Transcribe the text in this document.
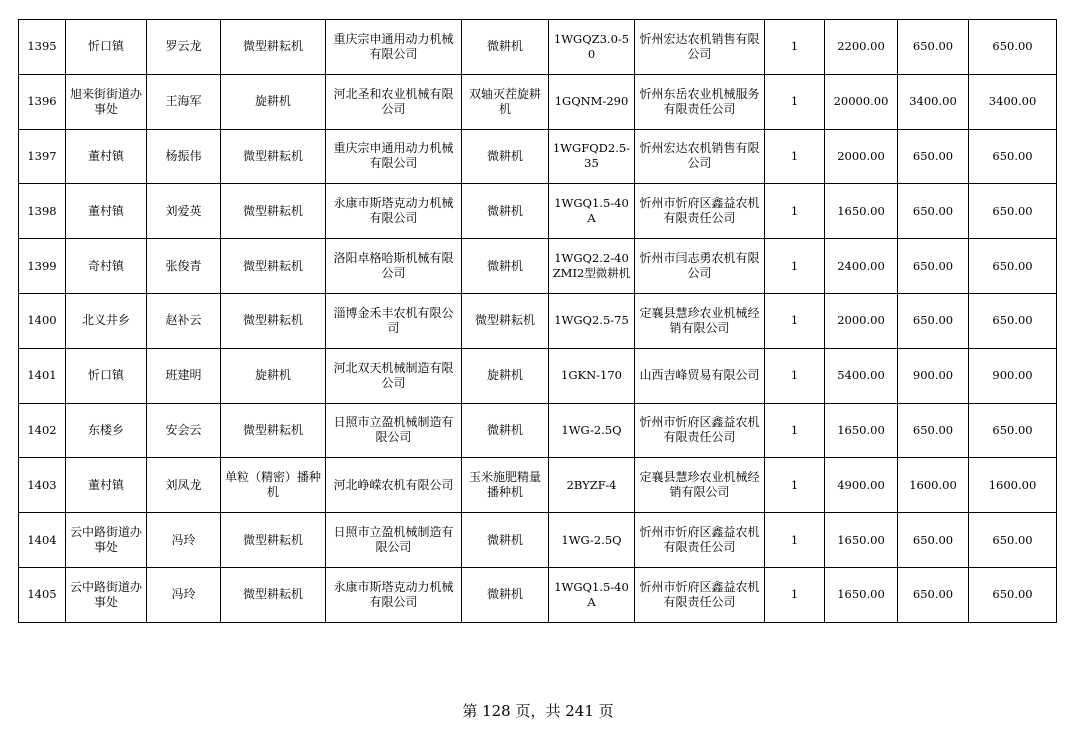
1395	忻口镇	罗云龙	微型耕耘机	重庆宗申通用动力机械有限公司	微耕机	1WGQZ3.0-50	忻州宏达农机销售有限公司	1	2200.00	650.00	650.00
1396	旭来街街道办事处	王海军	旋耕机	河北圣和农业机械有限公司	双轴灭茬旋耕机	1GQNM-290	忻州东岳农业机械服务有限责任公司	1	20000.00	3400.00	3400.00
1397	董村镇	杨振伟	微型耕耘机	重庆宗申通用动力机械有限公司	微耕机	1WGFQD2.5-35	忻州宏达农机销售有限公司	1	2000.00	650.00	650.00
1398	董村镇	刘爱英	微型耕耘机	永康市斯塔克动力机械有限公司	微耕机	1WGQ1.5-40A	忻州市忻府区鑫益农机有限责任公司	1	1650.00	650.00	650.00
1399	奇村镇	张俊青	微型耕耘机	洛阳卓格哈斯机械有限公司	微耕机	1WGQ2.2-40ZMI2型微耕机	忻州市闫志勇农机有限公司	1	2400.00	650.00	650.00
1400	北义井乡	赵补云	微型耕耘机	淄博金禾丰农机有限公司	微型耕耘机	1WGQ2.5-75	定襄县慧珍农业机械经销有限公司	1	2000.00	650.00	650.00
1401	忻口镇	班建明	旋耕机	河北双天机械制造有限公司	旋耕机	1GKN-170	山西吉峰贸易有限公司	1	5400.00	900.00	900.00
1402	东楼乡	安会云	微型耕耘机	日照市立盈机械制造有限公司	微耕机	1WG-2.5Q	忻州市忻府区鑫益农机有限责任公司	1	1650.00	650.00	650.00
1403	董村镇	刘凤龙	单粒（精密）播种机	河北峥嵘农机有限公司	玉米施肥精量播种机	2BYZF-4	定襄县慧珍农业机械经销有限公司	1	4900.00	1600.00	1600.00
1404	云中路街道办事处	冯玲	微型耕耘机	日照市立盈机械制造有限公司	微耕机	1WG-2.5Q	忻州市忻府区鑫益农机有限责任公司	1	1650.00	650.00	650.00
1405	云中路街道办事处	冯玲	微型耕耘机	永康市斯塔克动力机械有限公司	微耕机	1WGQ1.5-40A	忻州市忻府区鑫益农机有限责任公司	1	1650.00	650.00	650.00
第 128 页，共 241 页
